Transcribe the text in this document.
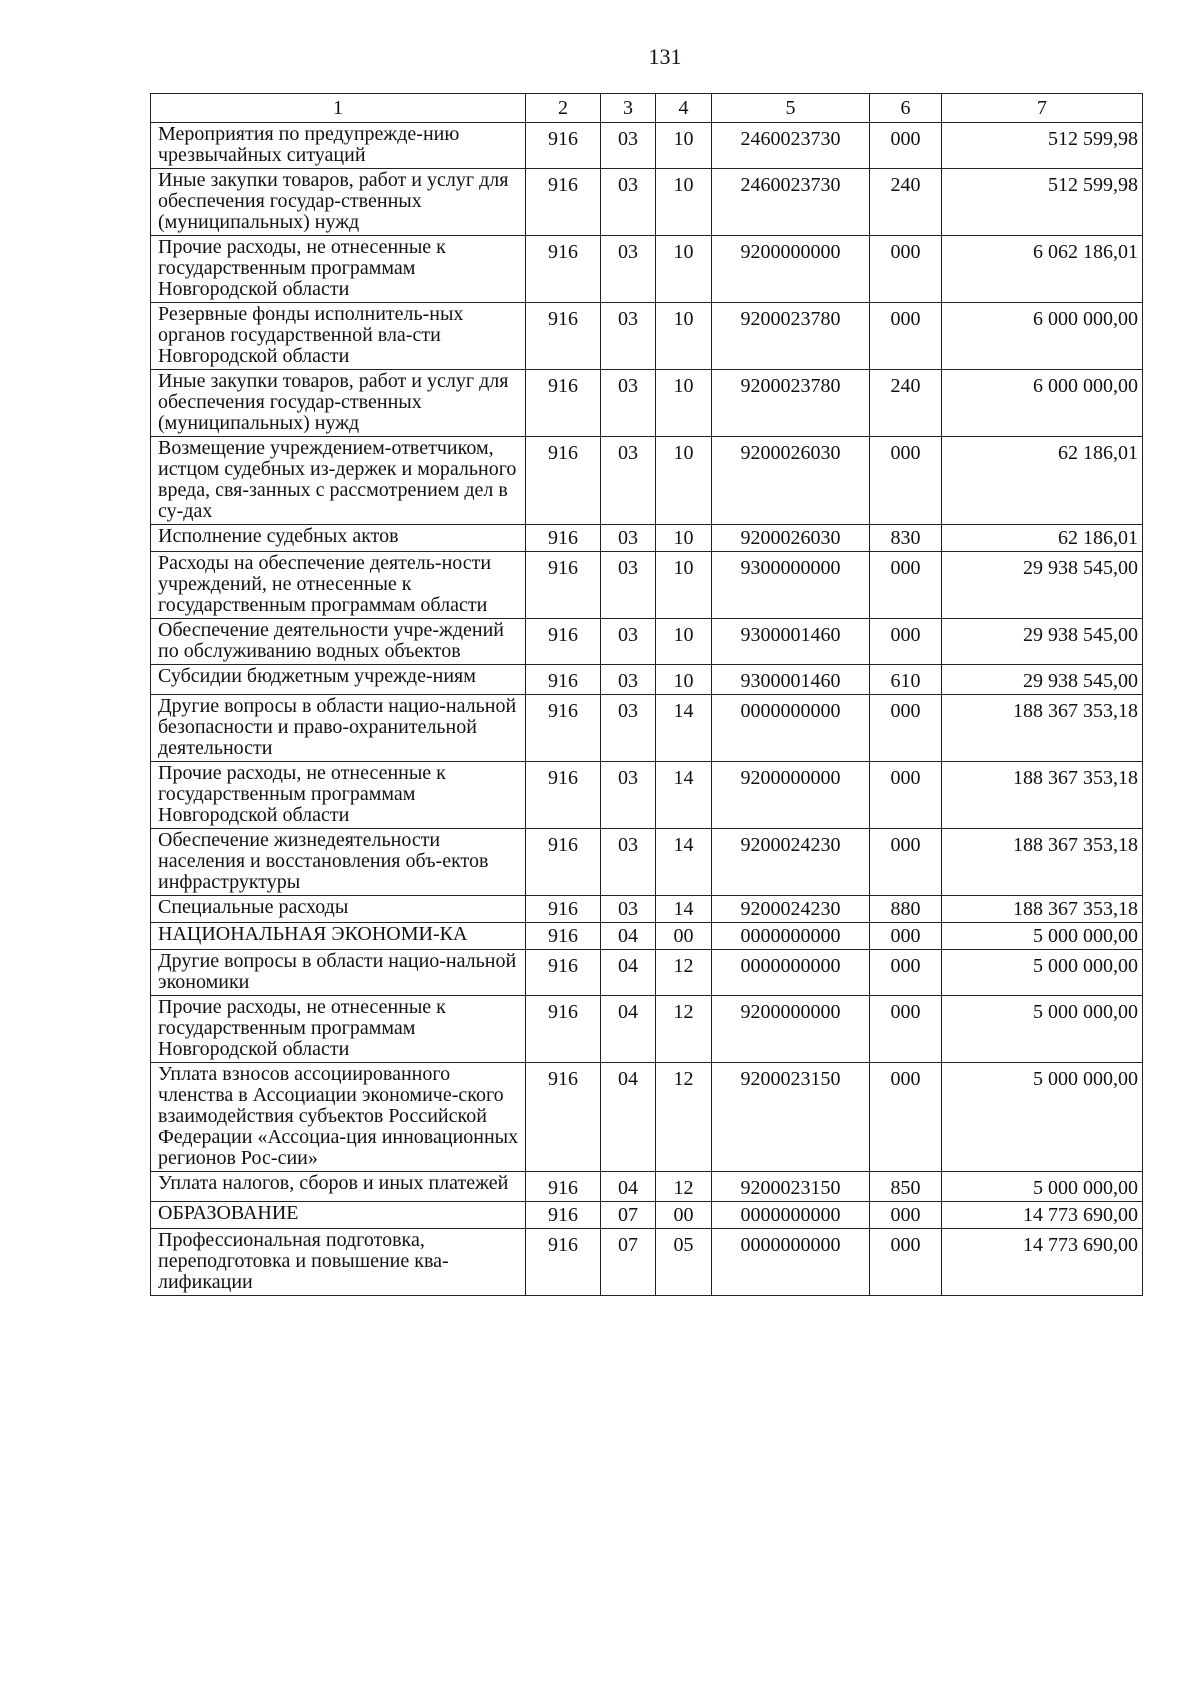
131
1	2	3	4	5	6	7
Мероприятия по предупрежде-нию чрезвычайных ситуаций	916	03	10	2460023730	000	512 599,98
Иные закупки товаров, работ и услуг для обеспечения государ-ственных (муниципальных) нужд	916	03	10	2460023730	240	512 599,98
Прочие расходы, не отнесенные к государственным программам Новгородской области	916	03	10	9200000000	000	6 062 186,01
Резервные фонды исполнитель-ных органов государственной вла-сти Новгородской области	916	03	10	9200023780	000	6 000 000,00
Иные закупки товаров, работ и услуг для обеспечения государ-ственных (муниципальных) нужд	916	03	10	9200023780	240	6 000 000,00
Возмещение учреждением-ответчиком, истцом судебных из-держек и морального вреда, свя-занных с рассмотрением дел в су-дах	916	03	10	9200026030	000	62 186,01
Исполнение судебных актов	916	03	10	9200026030	830	62 186,01
Расходы на обеспечение деятель-ности учреждений, не отнесенные к государственным программам области	916	03	10	9300000000	000	29 938 545,00
Обеспечение деятельности учре-ждений по обслуживанию водных объектов	916	03	10	9300001460	000	29 938 545,00
Субсидии бюджетным учрежде-ниям	916	03	10	9300001460	610	29 938 545,00
Другие вопросы в области нацио-нальной безопасности и право-охранительной деятельности	916	03	14	0000000000	000	188 367 353,18
Прочие расходы, не отнесенные к государственным программам Новгородской области	916	03	14	9200000000	000	188 367 353,18
Обеспечение жизнедеятельности населения и восстановления объ-ектов инфраструктуры	916	03	14	9200024230	000	188 367 353,18
Специальные расходы	916	03	14	9200024230	880	188 367 353,18
НАЦИОНАЛЬНАЯ ЭКОНОМИ-КА	916	04	00	0000000000	000	5 000 000,00
Другие вопросы в области нацио-нальной экономики	916	04	12	0000000000	000	5 000 000,00
Прочие расходы, не отнесенные к государственным программам Новгородской области	916	04	12	9200000000	000	5 000 000,00
Уплата взносов ассоциированного членства в Ассоциации экономиче-ского взаимодействия субъектов Российской Федерации «Ассоциа-ция инновационных регионов Рос-сии»	916	04	12	9200023150	000	5 000 000,00
Уплата налогов, сборов и иных платежей	916	04	12	9200023150	850	5 000 000,00
ОБРАЗОВАНИЕ	916	07	00	0000000000	000	14 773 690,00
Профессиональная подготовка, переподготовка и повышение ква-лификации	916	07	05	0000000000	000	14 773 690,00
